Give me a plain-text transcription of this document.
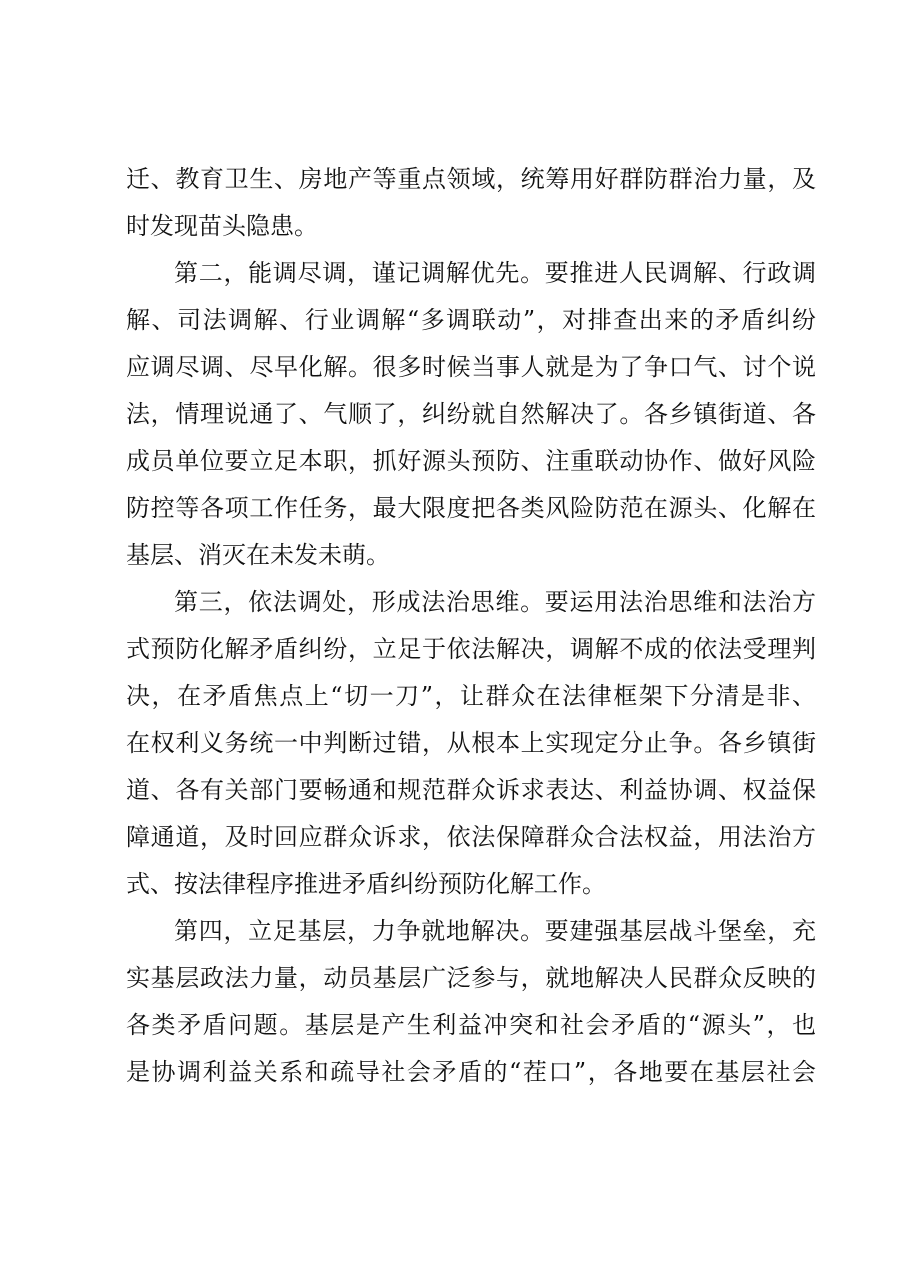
迁、教育卫生、房地产等重点领域，统筹用好群防群治力量，及
时发现苗头隐患。
第二，能调尽调，谨记调解优先。要推进人民调解、行政调
解、司法调解、行业调解“多调联动”，对排查出来的矛盾纠纷
应调尽调、尽早化解。很多时候当事人就是为了争口气、讨个说
法，情理说通了、气顺了，纠纷就自然解决了。各乡镇街道、各
成员单位要立足本职，抓好源头预防、注重联动协作、做好风险
防控等各项工作任务，最大限度把各类风险防范在源头、化解在
基层、消灭在未发未萌。
第三，依法调处，形成法治思维。要运用法治思维和法治方
式预防化解矛盾纠纷，立足于依法解决，调解不成的依法受理判
决，在矛盾焦点上“切一刀”，让群众在法律框架下分清是非、
在权利义务统一中判断过错，从根本上实现定分止争。各乡镇街
道、各有关部门要畅通和规范群众诉求表达、利益协调、权益保
障通道，及时回应群众诉求，依法保障群众合法权益，用法治方
式、按法律程序推进矛盾纠纷预防化解工作。
第四，立足基层，力争就地解决。要建强基层战斗堡垒，充
实基层政法力量，动员基层广泛参与，就地解决人民群众反映的
各类矛盾问题。基层是产生利益冲突和社会矛盾的“源头”，也
是协调利益关系和疏导社会矛盾的“茬口”，各地要在基层社会
